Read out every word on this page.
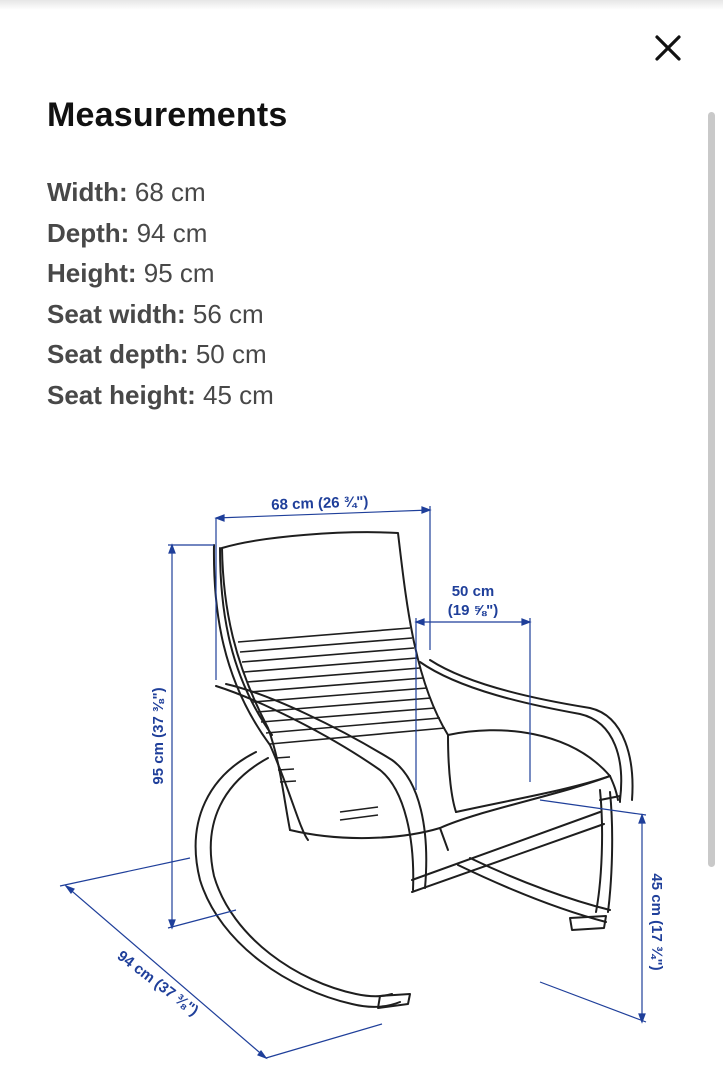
Measurements
Width: 68 cm
Depth: 94 cm
Height: 95 cm
Seat width: 56 cm
Seat depth: 50 cm
Seat height: 45 cm
68 cm (26 ¾")
50 cm
(19 ⅝")
95 cm (37 ⅜")
94 cm (37 ⅜")
45 cm (17 ¾")
